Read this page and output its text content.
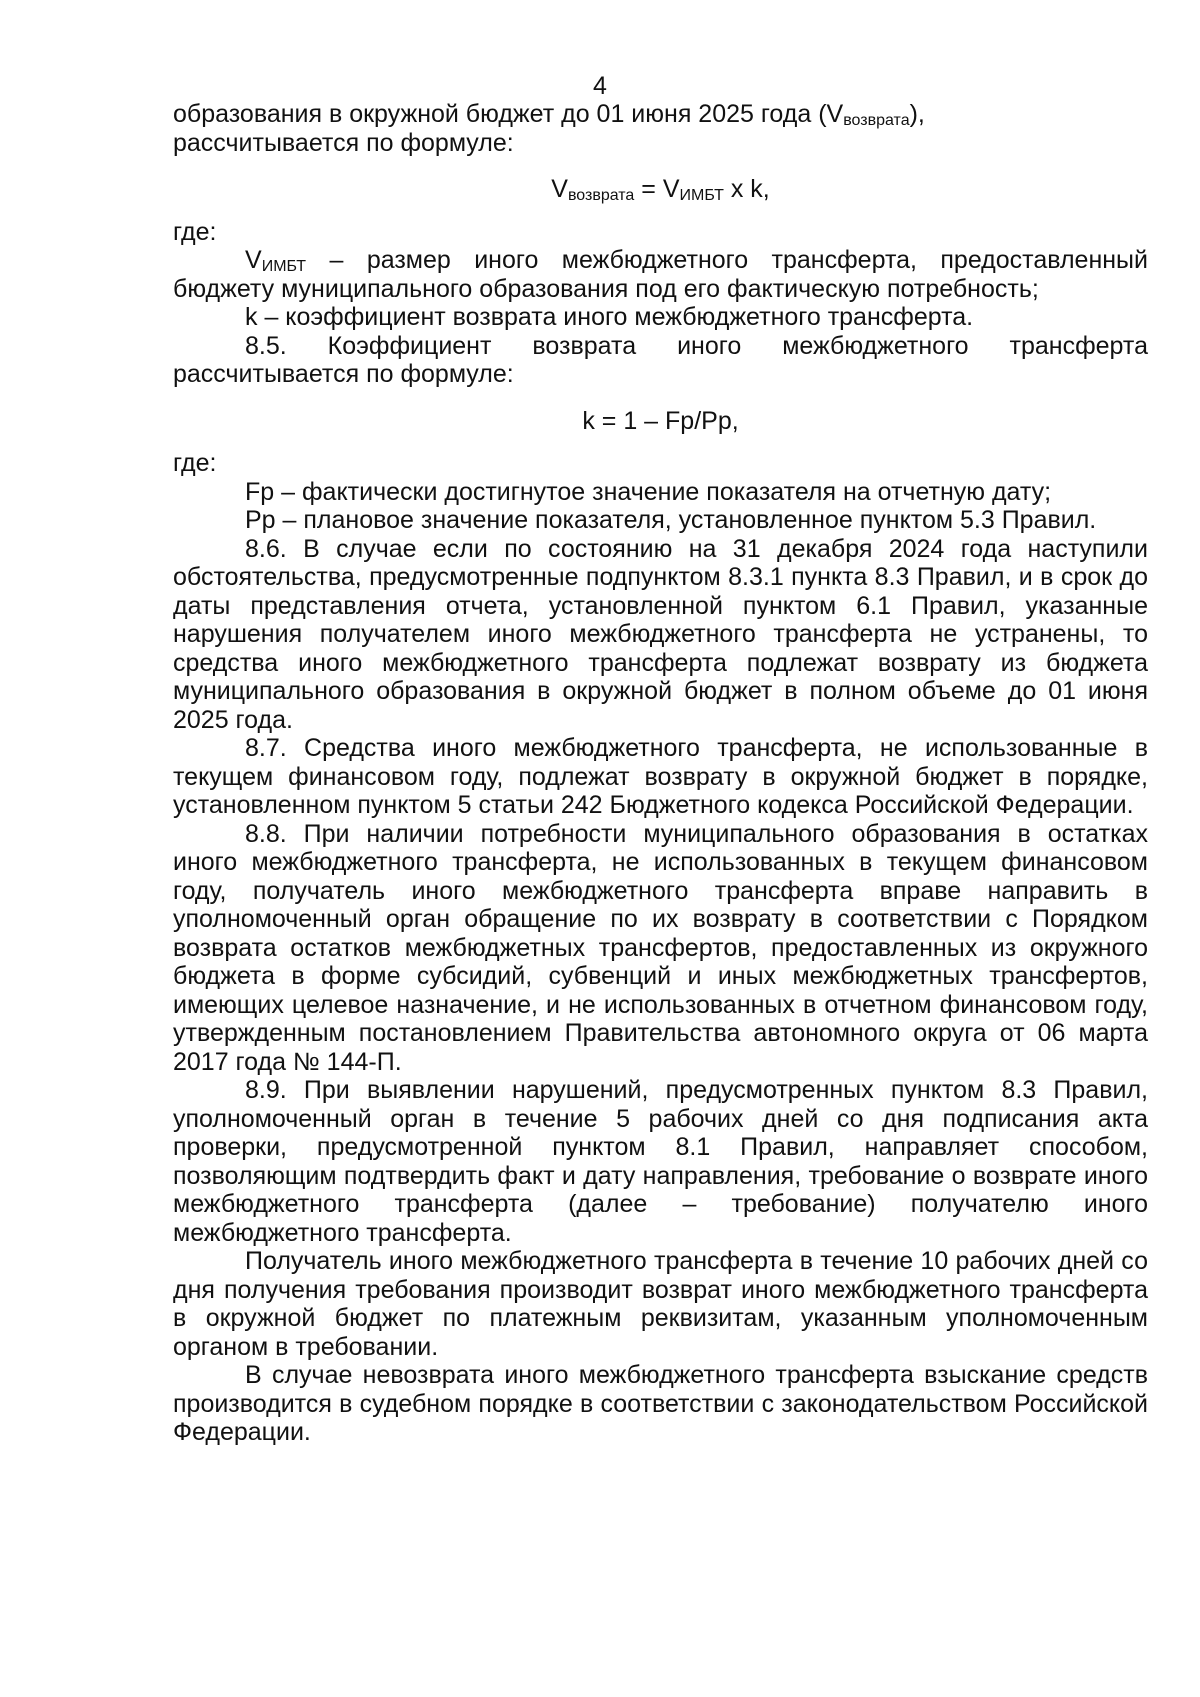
4

образования в окружной бюджет до 01 июня 2025 года $(V_{возврата})$,

рассчитывается по формуле:

$V_{возврата} = V_{ИМБТ}$ x k,

где:

$V_{ИМБТ}$ – размер иного межбюджетного трансферта, предоставленный бюджету муниципального образования под его фактическую потребность;

k – коэффициент возврата иного межбюджетного трансферта.

8.5. Коэффициент возврата иного межбюджетного трансферта рассчитывается по формуле:

k = 1 – Fp/Pp,

где:

Fp – фактически достигнутое значение показателя на отчетную дату;

Pp – плановое значение показателя, установленное пунктом 5.3 Правил.

8.6. В случае если по состоянию на 31 декабря 2024 года наступили обстоятельства, предусмотренные подпунктом 8.3.1 пункта 8.3 Правил, и в срок до даты представления отчета, установленной пунктом 6.1 Правил, указанные нарушения получателем иного межбюджетного трансферта не устранены, то средства иного межбюджетного трансферта подлежат возврату из бюджета муниципального образования в окружной бюджет в полном объеме до 01 июня 2025 года.

8.7. Средства иного межбюджетного трансферта, не использованные в текущем финансовом году, подлежат возврату в окружной бюджет в порядке, установленном пунктом 5 статьи 242 Бюджетного кодекса Российской Федерации.

8.8. При наличии потребности муниципального образования в остатках иного межбюджетного трансферта, не использованных в текущем финансовом году, получатель иного межбюджетного трансферта вправе направить в уполномоченный орган обращение по их возврату в соответствии с Порядком возврата остатков межбюджетных трансфертов, предоставленных из окружного бюджета в форме субсидий, субвенций и иных межбюджетных трансфертов, имеющих целевое назначение, и не использованных в отчетном финансовом году, утвержденным постановлением Правительства автономного округа от 06 марта 2017 года № 144-П.

8.9. При выявлении нарушений, предусмотренных пунктом 8.3 Правил, уполномоченный орган в течение 5 рабочих дней со дня подписания акта проверки, предусмотренной пунктом 8.1 Правил, направляет способом, позволяющим подтвердить факт и дату направления, требование о возврате иного межбюджетного трансферта (далее – требование) получателю иного межбюджетного трансферта.

Получатель иного межбюджетного трансферта в течение 10 рабочих дней со дня получения требования производит возврат иного межбюджетного трансферта в окружной бюджет по платежным реквизитам, указанным уполномоченным органом в требовании.

В случае невозврата иного межбюджетного трансферта взыскание средств производится в судебном порядке в соответствии с законодательством Российской Федерации.
